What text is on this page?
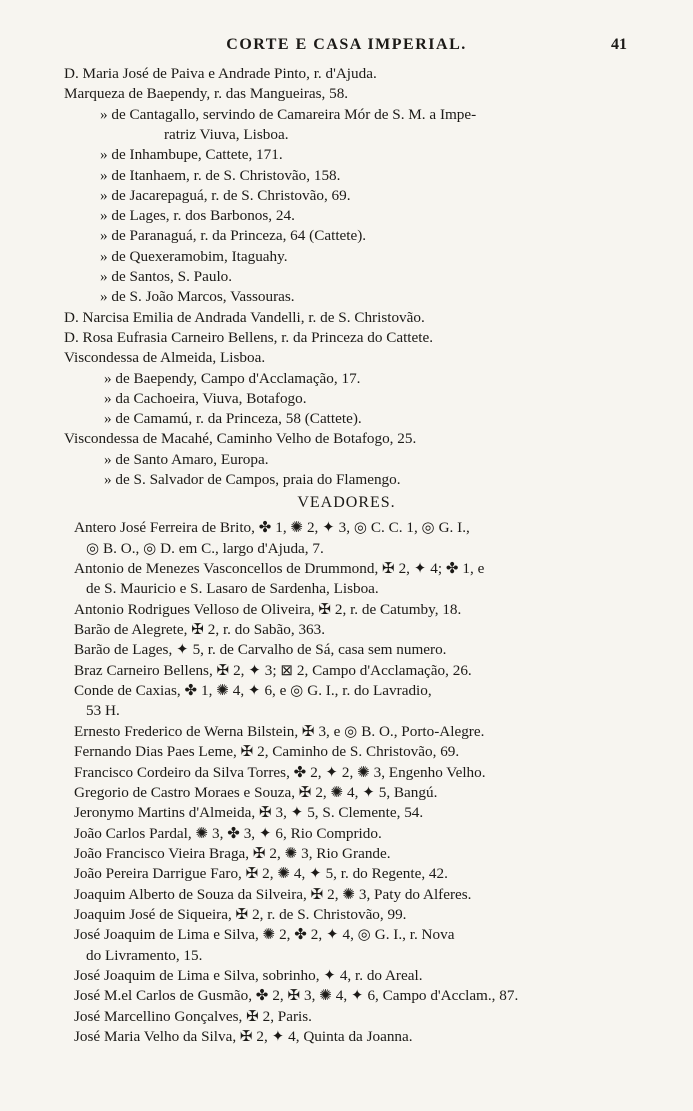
CORTE E CASA IMPERIAL.	41
D. Maria José de Paiva e Andrade Pinto, r. d'Ajuda.
Marqueza de Baependy, r. das Mangueiras, 58.
» de Cantagallo, servindo de Camareira Mór de S. M. a Impe-
ratriz Viuva, Lisboa.
» de Inhambupe, Cattete, 171.
» de Itanhaem, r. de S. Christovão, 158.
» de Jacarepaguá, r. de S. Christovão, 69.
» de Lages, r. dos Barbonos, 24.
» de Paranaguá, r. da Princeza, 64 (Cattete).
» de Quexeramobim, Itaguahy.
» de Santos, S. Paulo.
» de S. João Marcos, Vassouras.
D. Narcisa Emilia de Andrada Vandelli, r. de S. Christovão.
D. Rosa Eufrasia Carneiro Bellens, r. da Princeza do Cattete.
Viscondessa de Almeida, Lisboa.
» de Baependy, Campo d'Acclamação, 17.
» da Cachoeira, Viuva, Botafogo.
» de Camamú, r. da Princeza, 58 (Cattete).
Viscondessa de Macahé, Caminho Velho de Botafogo, 25.
» de Santo Amaro, Europa.
» de S. Salvador de Campos, praia do Flamengo.
VEADORES.
Antero José Ferreira de Brito, ✤ 1, ✺ 2, ✦ 3, ◎ C. C. 1, ◎ G. I.,
◎ B. O., ◎ D. em C., largo d'Ajuda, 7.
Antonio de Menezes Vasconcellos de Drummond, ✠ 2, ✦ 4; ✤ 1, e
de S. Mauricio e S. Lasaro de Sardenha, Lisboa.
Antonio Rodrigues Velloso de Oliveira, ✠ 2, r. de Catumby, 18.
Barão de Alegrete, ✠ 2, r. do Sabão, 363.
Barão de Lages, ✦ 5, r. de Carvalho de Sá, casa sem numero.
Braz Carneiro Bellens, ✠ 2, ✦ 3; ⊠ 2, Campo d'Acclamação, 26.
Conde de Caxias, ✤ 1, ✺ 4, ✦ 6, e ◎ G. I., r. do Lavradio,
53 H.
Ernesto Frederico de Werna Bilstein, ✠ 3, e ◎ B. O., Porto-Alegre.
Fernando Dias Paes Leme, ✠ 2, Caminho de S. Christovão, 69.
Francisco Cordeiro da Silva Torres, ✤ 2, ✦ 2, ✺ 3, Engenho Velho.
Gregorio de Castro Moraes e Souza, ✠ 2, ✺ 4, ✦ 5, Bangú.
Jeronymo Martins d'Almeida, ✠ 3, ✦ 5, S. Clemente, 54.
João Carlos Pardal, ✺ 3, ✤ 3, ✦ 6, Rio Comprido.
João Francisco Vieira Braga, ✠ 2, ✺ 3, Rio Grande.
João Pereira Darrigue Faro, ✠ 2, ✺ 4, ✦ 5, r. do Regente, 42.
Joaquim Alberto de Souza da Silveira, ✠ 2, ✺ 3, Paty do Alferes.
Joaquim José de Siqueira, ✠ 2, r. de S. Christovão, 99.
José Joaquim de Lima e Silva, ✺ 2, ✤ 2, ✦ 4, ◎ G. I., r. Nova
do Livramento, 15.
José Joaquim de Lima e Silva, sobrinho, ✦ 4, r. do Areal.
José M.el Carlos de Gusmão, ✤ 2, ✠ 3, ✺ 4, ✦ 6, Campo d'Acclam., 87.
José Marcellino Gonçalves, ✠ 2, Paris.
José Maria Velho da Silva, ✠ 2, ✦ 4, Quinta da Joanna.
